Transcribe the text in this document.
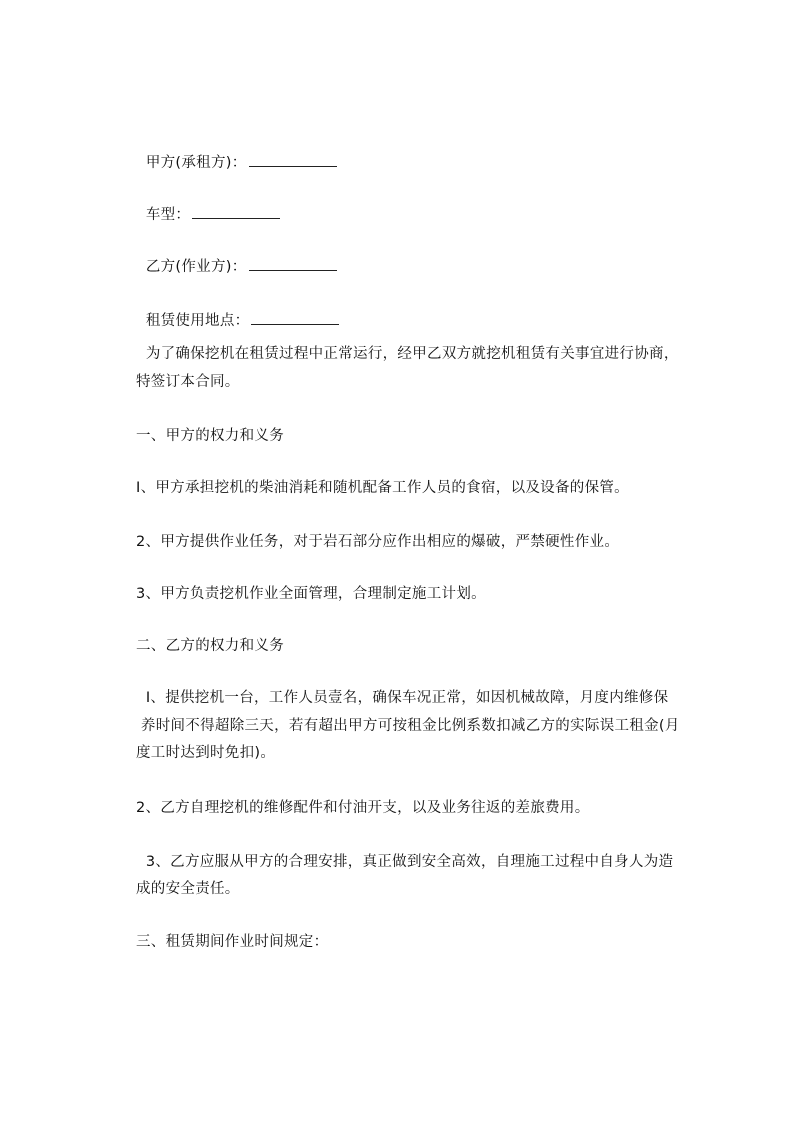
甲方(承租方)：

车型：

乙方(作业方)：

租赁使用地点：

为了确保挖机在租赁过程中正常运行，经甲乙双方就挖机租赁有关事宜进行协商，
特签订本合同。
一、甲方的权力和义务
Ⅰ、甲方承担挖机的柴油消耗和随机配备工作人员的食宿，以及设备的保管。
2、甲方提供作业任务，对于岩石部分应作出相应的爆破，严禁硬性作业。
3、甲方负责挖机作业全面管理，合理制定施工计划。
二、乙方的权力和义务
Ⅰ、提供挖机一台，工作人员壹名，确保车况正常，如因机械故障，月度内维修保
养时间不得超除三天，若有超出甲方可按租金比例系数扣减乙方的实际误工租金(月
度工时达到时免扣)。
2、乙方自理挖机的维修配件和付油开支，以及业务往返的差旅费用。
3、乙方应服从甲方的合理安排，真正做到安全高效，自理施工过程中自身人为造
成的安全责任。
三、租赁期间作业时间规定：
